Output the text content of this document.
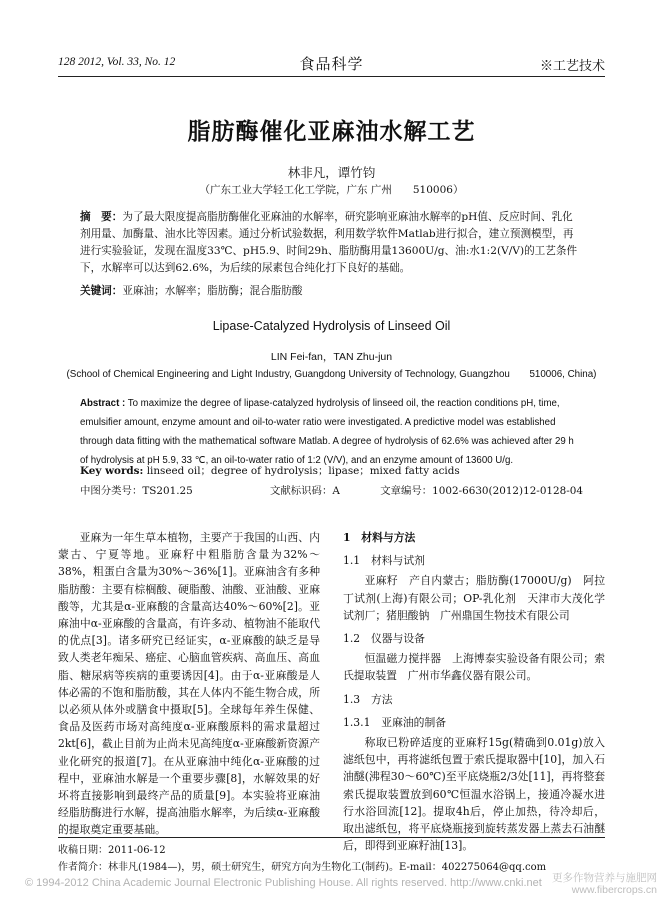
128 2012, Vol. 33, No. 12	食品科学	※工艺技术
脂肪酶催化亚麻油水解工艺
林非凡，谭竹钧
（广东工业大学轻工化工学院，广东 广州　　510006）
摘　要：为了最大限度提高脂肪酶催化亚麻油的水解率，研究影响亚麻油水解率的pH值、反应时间、乳化剂用量、加酶量、油水比等因素。通过分析试验数据，利用数学软件Matlab进行拟合，建立预测模型，再进行实验验证，发现在温度33℃、pH5.9、时间29h、脂肪酶用量13600U/g、油:水1:2(V/V)的工艺条件下，水解率可以达到62.6%，为后续的尿素包合纯化打下良好的基础。
关键词：亚麻油；水解率；脂肪酶；混合脂肪酸
Lipase-Catalyzed Hydrolysis of Linseed Oil
LIN Fei-fan，TAN Zhu-jun
(School of Chemical Engineering and Light Industry, Guangdong University of Technology, Guangzhou　　510006, China)
Abstract : To maximize the degree of lipase-catalyzed hydrolysis of linseed oil, the reaction conditions pH, time, emulsifier amount, enzyme amount and oil-to-water ratio were investigated. A predictive model was established through data fitting with the mathematical software Matlab. A degree of hydrolysis of 62.6% was achieved after 29 h of hydrolysis at pH 5.9, 33 ℃, an oil-to-water ratio of 1:2 (V/V), and an enzyme amount of 13600 U/g.
Key words: linseed oil；degree of hydrolysis；lipase；mixed fatty acids
中图分类号：TS201.25	文献标识码：A	文章编号：1002-6630(2012)12-0128-04

亚麻为一年生草本植物，主要产于我国的山西、内蒙古、宁夏等地。亚麻籽中粗脂肪含量为32%～38%，粗蛋白含量为30%～36%[1]。亚麻油含有多种脂肪酸：主要有棕榈酸、硬脂酸、油酸、亚油酸、亚麻酸等，尤其是α-亚麻酸的含量高达40%～60%[2]。亚麻油中α-亚麻酸的含量高，有许多动、植物油不能取代的优点[3]。诸多研究已经证实，α-亚麻酸的缺乏是导致人类老年痴呆、癌症、心脑血管疾病、高血压、高血脂、糖尿病等疾病的重要诱因[4]。由于α-亚麻酸是人体必需的不饱和脂肪酸，其在人体内不能生物合成，所以必须从体外或膳食中摄取[5]。全球每年养生保健、食品及医药市场对高纯度α-亚麻酸原料的需求量超过2kt[6]，截止目前为止尚未见高纯度α-亚麻酸新资源产业化研究的报道[7]。在从亚麻油中纯化α-亚麻酸的过程中，亚麻油水解是一个重要步骤[8]，水解效果的好坏将直接影响到最终产品的质量[9]。本实验将亚麻油经脂肪酶进行水解，提高油脂水解率，为后续α-亚麻酸的提取奠定重要基础。

1　材料与方法

1.1　材料与试剂

亚麻籽　产自内蒙古；脂肪酶(17000U/g)　阿拉丁试剂(上海)有限公司；OP-乳化剂　天津市大茂化学试剂厂；猪胆酸钠　广州鼎国生物技术有限公司

1.2　仪器与设备

恒温磁力搅拌器　上海博泰实验设备有限公司；索氏提取装置　广州市华鑫仪器有限公司。

1.3　方法

1.3.1　亚麻油的制备

称取已粉碎适度的亚麻籽15g(精确到0.01g)放入滤纸包中，再将滤纸包置于索氏提取器中[10]，加入石油醚(沸程30～60℃)至平底烧瓶2/3处[11]，再将整套索氏提取装置放到60℃恒温水浴锅上，接通冷凝水进行水浴回流[12]。提取4h后，停止加热，待冷却后，取出滤纸包，将平底烧瓶接到旋转蒸发器上蒸去石油醚后，即得到亚麻籽油[13]。

收稿日期：2011-06-12
作者简介：林非凡(1984—)，男，硕士研究生，研究方向为生物化工(制药)。E-mail：402275064@qq.com
© 1994-2012 China Academic Journal Electronic Publishing House. All rights reserved. http://www.cnki.net 更多作物营养与施肥网
www.fibercrops.cn
